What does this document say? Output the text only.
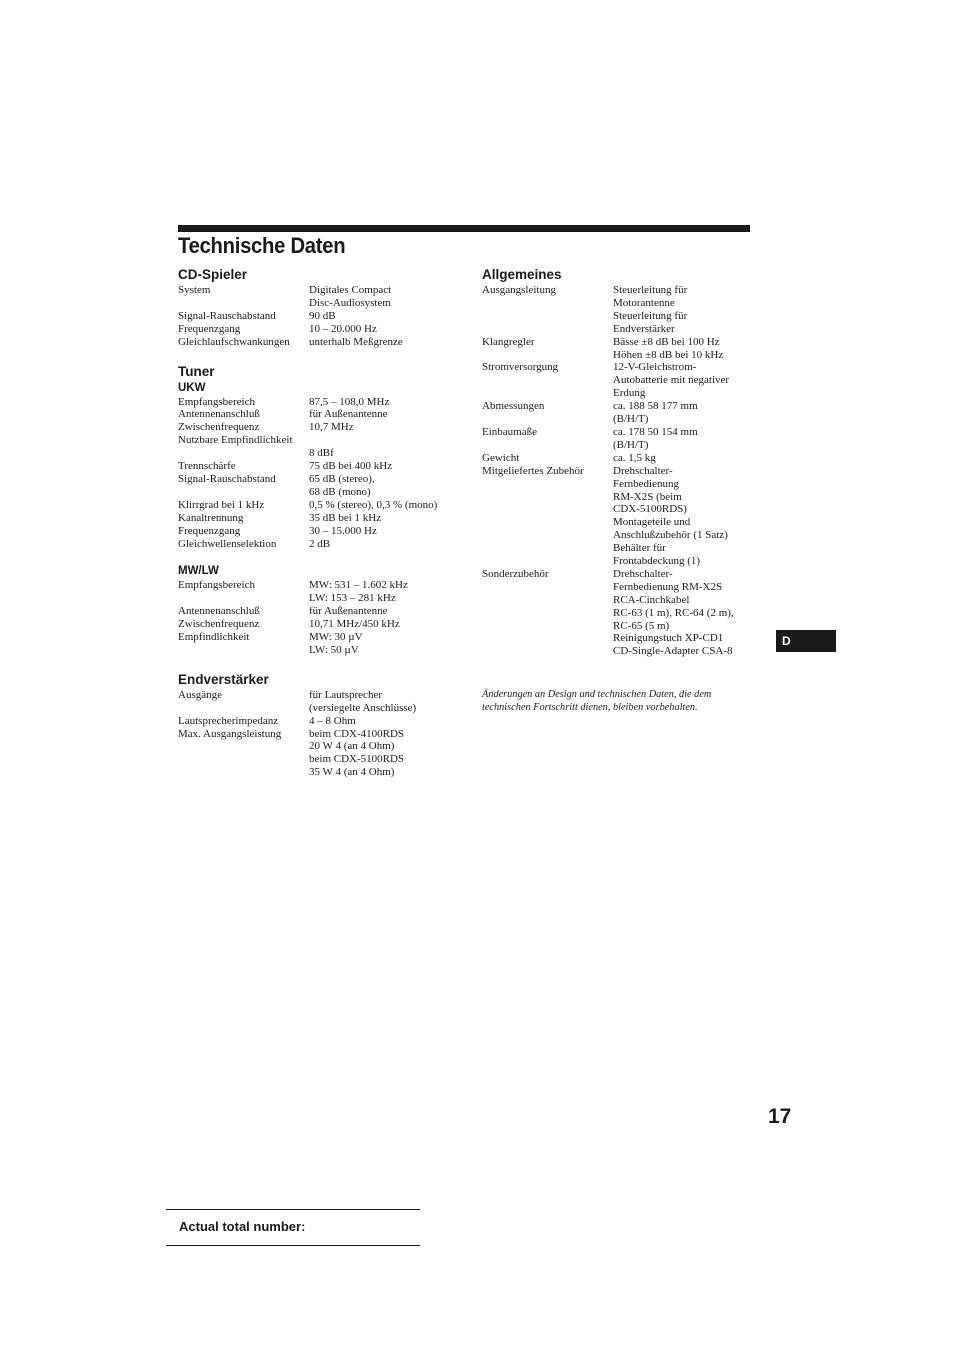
Technische Daten
CD-Spieler
System	Digitales Compact
Disc-Audiosystem
Signal-Rauschabstand	90 dB
Frequenzgang	10 – 20.000 Hz
Gleichlaufschwankungen	unterhalb Meßgrenze
Tuner
UKW
Empfangsbereich	87,5 – 108,0 MHz
Antennenanschluß	für Außenantenne
Zwischenfrequenz	10,7 MHz
Nutzbare Empfindlichkeit

8 dBf
Trennschärfe	75 dB bei 400 kHz
Signal-Rauschabstand	65 dB (stereo),
68 dB (mono)
Klirrgrad bei 1 kHz	0,5 % (stereo), 0,3 % (mono)
Kanaltrennung	35 dB bei 1 kHz
Frequenzgang	30 – 15.000 Hz
Gleichwellenselektion	2 dB
MW/LW
Empfangsbereich	MW: 531 – 1.602 kHz
LW: 153 – 281 kHz
Antennenanschluß	für Außenantenne
Zwischenfrequenz	10,71 MHz/450 kHz
Empfindlichkeit	MW: 30 µV
LW: 50 µV
Endverstärker
Ausgänge	für Lautsprecher
(versiegelte Anschlüsse)
Lautsprecherimpedanz	4 – 8 Ohm
Max. Ausgangsleistung	beim CDX-4100RDS
20 W 4 (an 4 Ohm)
beim CDX-5100RDS
35 W 4 (an 4 Ohm)
Allgemeines
Ausgangsleitung	Steuerleitung für
Motorantenne
Steuerleitung für
Endverstärker
Klangregler	Bässe ±8 dB bei 100 Hz
Höhen ±8 dB bei 10 kHz
Stromversorgung	12-V-Gleichstrom-
Autobatterie mit negativer
Erdung
Abmessungen	ca. 188 58 177 mm
(B/H/T)
Einbaumaße	ca. 178 50 154 mm
(B/H/T)
Gewicht	ca. 1,5 kg
Mitgeliefertes Zubehör	Drehschalter-
Fernbedienung
RM-X2S (beim
CDX-5100RDS)
Montageteile und
Anschlußzubehör (1 Satz)
Behälter für
Frontabdeckung (1)
Sonderzubehör	Drehschalter-
Fernbedienung RM-X2S
RCA-Cinchkabel
RC-63 (1 m), RC-64 (2 m),
RC-65 (5 m)
Reinigungstuch XP-CD1
CD-Single-Adapter CSA-8
Änderungen an Design und technischen Daten, die dem
technischen Fortschritt dienen, bleiben vorbehalten.
D
17
Actual total number:
